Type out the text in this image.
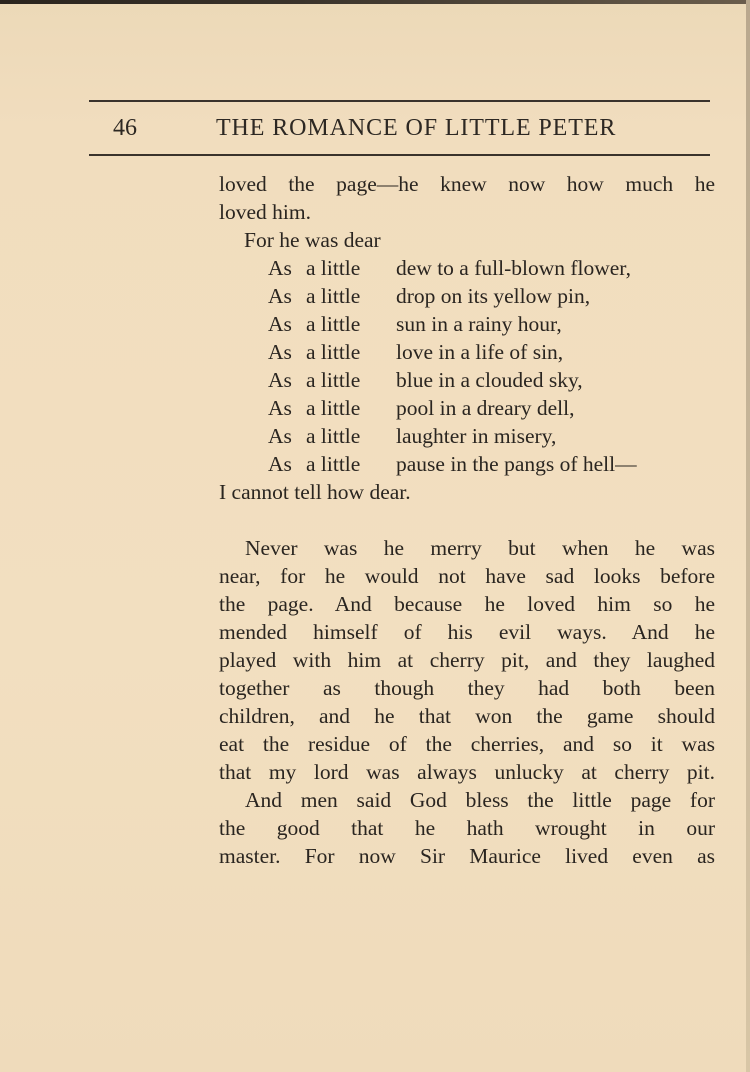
46	THE ROMANCE OF LITTLE PETER
loved the page—he knew now how much he
loved him.
For he was dear
As a little dew to a full-blown flower,
As a little drop on its yellow pin,
As a little sun in a rainy hour,
As a little love in a life of sin,
As a little blue in a clouded sky,
As a little pool in a dreary dell,
As a little laughter in misery,
As a little pause in the pangs of hell—
I cannot tell how dear.
Never was he merry but when he was
near, for he would not have sad looks before
the page. And because he loved him so he
mended himself of his evil ways. And he
played with him at cherry pit, and they laughed
together as though they had both been
children, and he that won the game should
eat the residue of the cherries, and so it was
that my lord was always unlucky at cherry pit.
And men said God bless the little page for
the good that he hath wrought in our
master. For now Sir Maurice lived even as
